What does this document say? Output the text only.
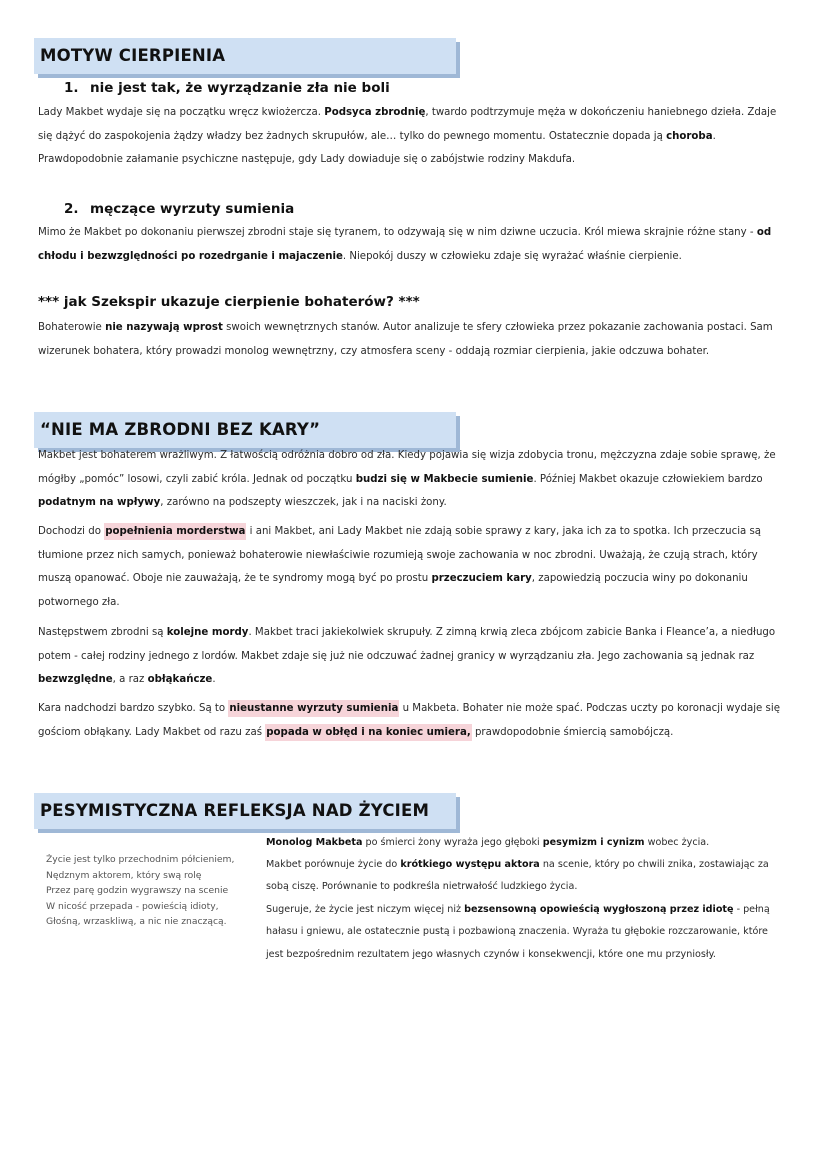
MOTYW CIERPIENIA
1. nie jest tak, że wyrządzanie zła nie boli

Lady Makbet wydaje się na początku wręcz kwiożercza. Podsyca zbrodnię, twardo podtrzymuje męża w dokończeniu haniebnego dzieła. Zdaje się dążyć do zaspokojenia żądzy władzy bez żadnych skrupułów, ale… tylko do pewnego momentu. Ostatecznie dopada ją choroba. Prawdopodobnie załamanie psychiczne następuje, gdy Lady dowiaduje się o zabójstwie rodziny Makdufa.

2. męczące wyrzuty sumienia

Mimo że Makbet po dokonaniu pierwszej zbrodni staje się tyranem, to odzywają się w nim dziwne uczucia. Król miewa skrajnie różne stany - od chłodu i bezwzględności po rozedrganie i majaczenie. Niepokój duszy w człowieku zdaje się wyrażać właśnie cierpienie.

*** jak Szekspir ukazuje cierpienie bohaterów? ***

Bohaterowie nie nazywają wprost swoich wewnętrznych stanów. Autor analizuje te sfery człowieka przez pokazanie zachowania postaci. Sam wizerunek bohatera, który prowadzi monolog wewnętrzny, czy atmosfera sceny - oddają rozmiar cierpienia, jakie odczuwa bohater.

“NIE MA ZBRODNI BEZ KARY”

Makbet jest bohaterem wrażliwym. Z łatwością odróżnia dobro od zła. Kiedy pojawia się wizja zdobycia tronu, mężczyzna zdaje sobie sprawę, że mógłby „pomóc” losowi, czyli zabić króla. Jednak od początku budzi się w Makbecie sumienie. Później Makbet okazuje człowiekiem bardzo podatnym na wpływy, zarówno na podszepty wieszczek, jak i na naciski żony.

Dochodzi do popełnienia morderstwa i ani Makbet, ani Lady Makbet nie zdają sobie sprawy z kary, jaka ich za to spotka. Ich przeczucia są tłumione przez nich samych, ponieważ bohaterowie niewłaściwie rozumieją swoje zachowania w noc zbrodni. Uważają, że czują strach, który muszą opanować. Oboje nie zauważają, że te syndromy mogą być po prostu przeczuciem kary, zapowiedzią poczucia winy po dokonaniu potwornego zła.

Następstwem zbrodni są kolejne mordy. Makbet traci jakiekolwiek skrupuły. Z zimną krwią zleca zbójcom zabicie Banka i Fleance’a, a niedługo potem - całej rodziny jednego z lordów. Makbet zdaje się już nie odczuwać żadnej granicy w wyrządzaniu zła. Jego zachowania są jednak raz bezwzględne, a raz obłąkańcze.

Kara nadchodzi bardzo szybko. Są to nieustanne wyrzuty sumienia u Makbeta. Bohater nie może spać. Podczas uczty po koronacji wydaje się gościom obłąkany. Lady Makbet od razu zaś popada w obłęd i na koniec umiera, prawdopodobnie śmiercią samobójczą.

PESYMISTYCZNA REFLEKSJA NAD ŻYCIEM
Życie jest tylko przechodnim półcieniem,
Nędznym aktorem, który swą rolę
Przez parę godzin wygrawszy na scenie
W nicość przepada - powieścią idioty,
Głośną, wrzaskliwą, a nic nie znaczącą.

Monolog Makbeta po śmierci żony wyraża jego głęboki pesymizm i cynizm wobec życia.

Makbet porównuje życie do krótkiego występu aktora na scenie, który po chwili znika, zostawiając za sobą ciszę. Porównanie to podkreśla nietrwałość ludzkiego życia.

Sugeruje, że życie jest niczym więcej niż bezsensowną opowieścią wygłoszoną przez idiotę - pełną hałasu i gniewu, ale ostatecznie pustą i pozbawioną znaczenia. Wyraża tu głębokie rozczarowanie, które jest bezpośrednim rezultatem jego własnych czynów i konsekwencji, które one mu przyniosły.
